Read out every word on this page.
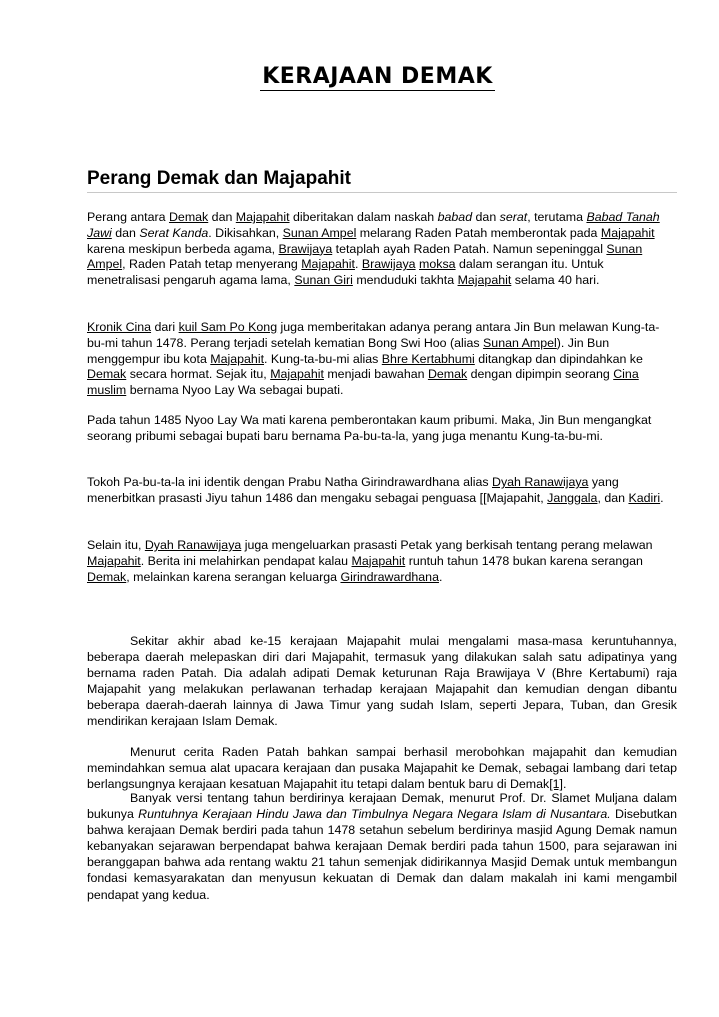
KERAJAAN DEMAK
Perang Demak dan Majapahit

Perang antara Demak dan Majapahit diberitakan dalam naskah babad dan serat, terutama Babad Tanah Jawi dan Serat Kanda. Dikisahkan, Sunan Ampel melarang Raden Patah memberontak pada Majapahit karena meskipun berbeda agama, Brawijaya tetaplah ayah Raden Patah. Namun sepeninggal Sunan Ampel, Raden Patah tetap menyerang Majapahit. Brawijaya moksa dalam serangan itu. Untuk menetralisasi pengaruh agama lama, Sunan Giri menduduki takhta Majapahit selama 40 hari.

Kronik Cina dari kuil Sam Po Kong juga memberitakan adanya perang antara Jin Bun melawan Kung-ta-bu-mi tahun 1478. Perang terjadi setelah kematian Bong Swi Hoo (alias Sunan Ampel). Jin Bun menggempur ibu kota Majapahit. Kung-ta-bu-mi alias Bhre Kertabhumi ditangkap dan dipindahkan ke Demak secara hormat. Sejak itu, Majapahit menjadi bawahan Demak dengan dipimpin seorang Cina muslim bernama Nyoo Lay Wa sebagai bupati.

Pada tahun 1485 Nyoo Lay Wa mati karena pemberontakan kaum pribumi. Maka, Jin Bun mengangkat seorang pribumi sebagai bupati baru bernama Pa-bu-ta-la, yang juga menantu Kung-ta-bu-mi.

Tokoh Pa-bu-ta-la ini identik dengan Prabu Natha Girindrawardhana alias Dyah Ranawijaya yang menerbitkan prasasti Jiyu tahun 1486 dan mengaku sebagai penguasa [[Majapahit, Janggala, dan Kadiri.

Selain itu, Dyah Ranawijaya juga mengeluarkan prasasti Petak yang berkisah tentang perang melawan Majapahit. Berita ini melahirkan pendapat kalau Majapahit runtuh tahun 1478 bukan karena serangan Demak, melainkan karena serangan keluarga Girindrawardhana.

Sekitar akhir abad ke-15 kerajaan Majapahit mulai mengalami masa-masa keruntuhannya, beberapa daerah melepaskan diri dari Majapahit, termasuk yang dilakukan salah satu adipatinya yang bernama raden Patah. Dia adalah adipati Demak keturunan Raja Brawijaya V (Bhre Kertabumi) raja Majapahit yang melakukan perlawanan terhadap kerajaan Majapahit dan kemudian dengan dibantu beberapa daerah-daerah lainnya di Jawa Timur yang sudah Islam, seperti Jepara, Tuban, dan Gresik mendirikan kerajaan Islam Demak.

Menurut cerita Raden Patah bahkan sampai berhasil merobohkan majapahit dan kemudian memindahkan semua alat upacara kerajaan dan pusaka Majapahit ke Demak, sebagai lambang dari tetap berlangsungnya kerajaan kesatuan Majapahit itu tetapi dalam bentuk baru di Demak[1].

Banyak versi tentang tahun berdirinya kerajaan Demak, menurut Prof. Dr. Slamet Muljana dalam bukunya Runtuhnya Kerajaan Hindu Jawa dan Timbulnya Negara Negara Islam di Nusantara. Disebutkan bahwa kerajaan Demak berdiri pada tahun 1478 setahun sebelum berdirinya masjid Agung Demak namun kebanyakan sejarawan berpendapat bahwa kerajaan Demak berdiri pada tahun 1500, para sejarawan ini beranggapan bahwa ada rentang waktu 21 tahun semenjak didirikannya Masjid Demak untuk membangun fondasi kemasyarakatan dan menyusun kekuatan di Demak dan dalam makalah ini kami mengambil pendapat yang kedua.
